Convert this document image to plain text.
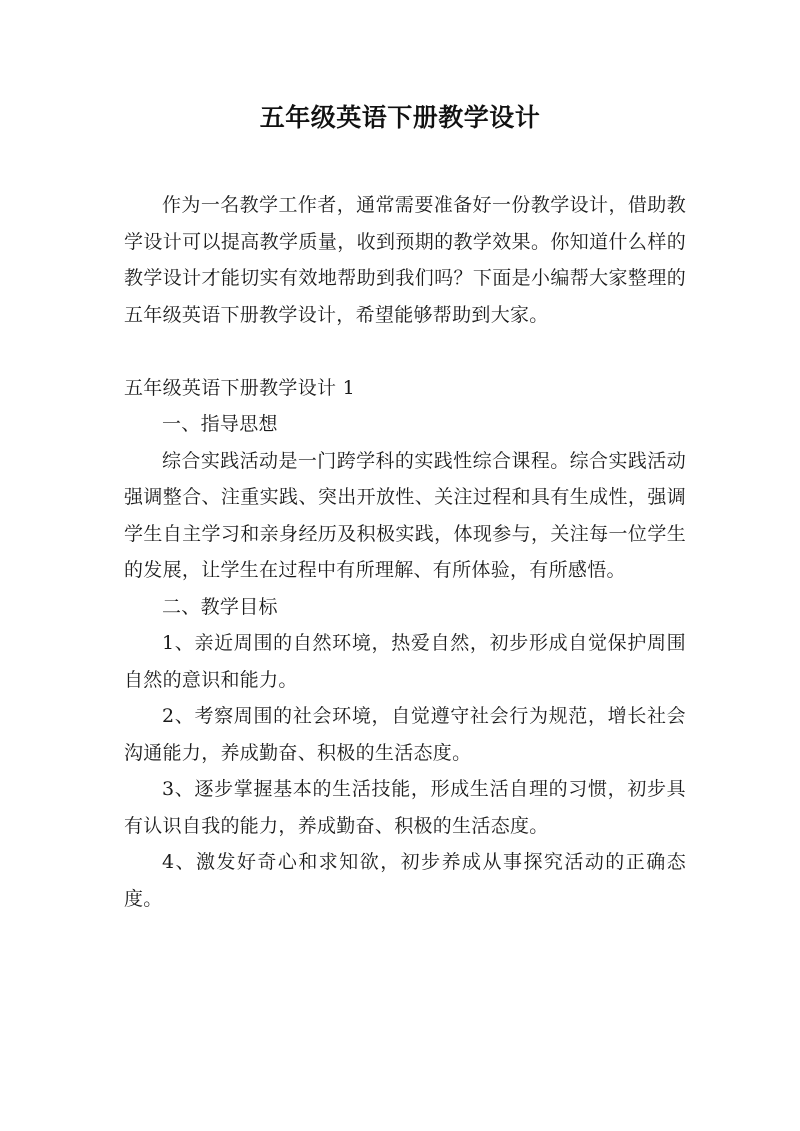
五年级英语下册教学设计

作为一名教学工作者，通常需要准备好一份教学设计，借助教学设计可以提高教学质量，收到预期的教学效果。你知道什么样的教学设计才能切实有效地帮助到我们吗？下面是小编帮大家整理的五年级英语下册教学设计，希望能够帮助到大家。

五年级英语下册教学设计 1

一、指导思想

综合实践活动是一门跨学科的实践性综合课程。综合实践活动强调整合、注重实践、突出开放性、关注过程和具有生成性，强调学生自主学习和亲身经历及积极实践，体现参与，关注每一位学生的发展，让学生在过程中有所理解、有所体验，有所感悟。

二、教学目标

1、亲近周围的自然环境，热爱自然，初步形成自觉保护周围自然的意识和能力。

2、考察周围的社会环境，自觉遵守社会行为规范，增长社会沟通能力，养成勤奋、积极的生活态度。

3、逐步掌握基本的生活技能，形成生活自理的习惯，初步具有认识自我的能力，养成勤奋、积极的生活态度。

4、激发好奇心和求知欲，初步养成从事探究活动的正确态度。
